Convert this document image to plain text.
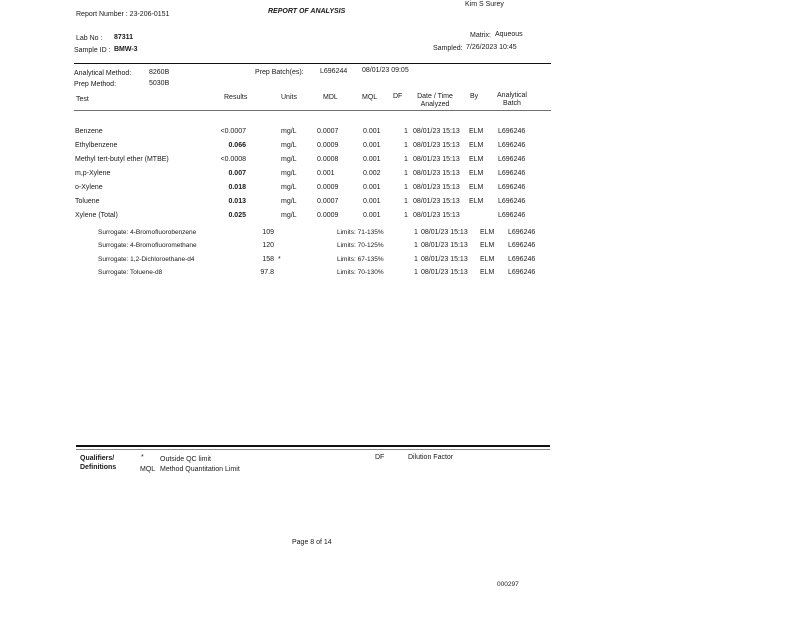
Report Number : 23-206-0151	REPORT OF ANALYSIS
Kim S Surey
Lab No : 87311
Sample ID : BMW-3
Matrix: Aqueous
Sampled: 7/26/2023 10:45
Analytical Method:	8260B
Prep Method:	5030B
Prep Batch(es): L696244 08/01/23 09:05
Test	Results	Units	MDL	MQL DF	Date / Time
Analyzed
By	Analytical
Batch
Benzene	<0.0007	mg/L	0.0007	0.001	1 08/01/23 15:13 ELM L696246
Ethylbenzene	0.066	mg/L	0.0009	0.001	1 08/01/23 15:13 ELM L696246
Methyl tert-butyl ether (MTBE)	<0.0008	mg/L	0.0008	0.001	1 08/01/23 15:13 ELM L696246
m,p-Xylene	0.007	mg/L	0.001	0.002	1 08/01/23 15:13 ELM L696246
o-Xylene	0.018	mg/L	0.0009	0.001	1 08/01/23 15:13 ELM L696246
Toluene	0.013	mg/L	0.0007	0.001	1 08/01/23 15:13 ELM L696246
Xylene (Total)	0.025	mg/L	0.0009	0.001	1 08/01/23 15:13	L696246
Surrogate: 4-Bromofluorobenzene	109	Limits: 71-135%	1 08/01/23 15:13 ELM L696246
Surrogate: 4-Bromofluoromethane	120	Limits: 70-125%	1 08/01/23 15:13 ELM L696246
Surrogate: 1,2-Dichloroethane-d4	158 *	Limits: 67-135%	1 08/01/23 15:13 ELM L696246
Surrogate: Toluene-d8	97.8	Limits: 70-130%	1 08/01/23 15:13 ELM L696246
Qualifiers/
Definitions
* Outside QC limit
MQL Method Quantitation Limit
DF	Dilution Factor
Page 8 of 14
000297
